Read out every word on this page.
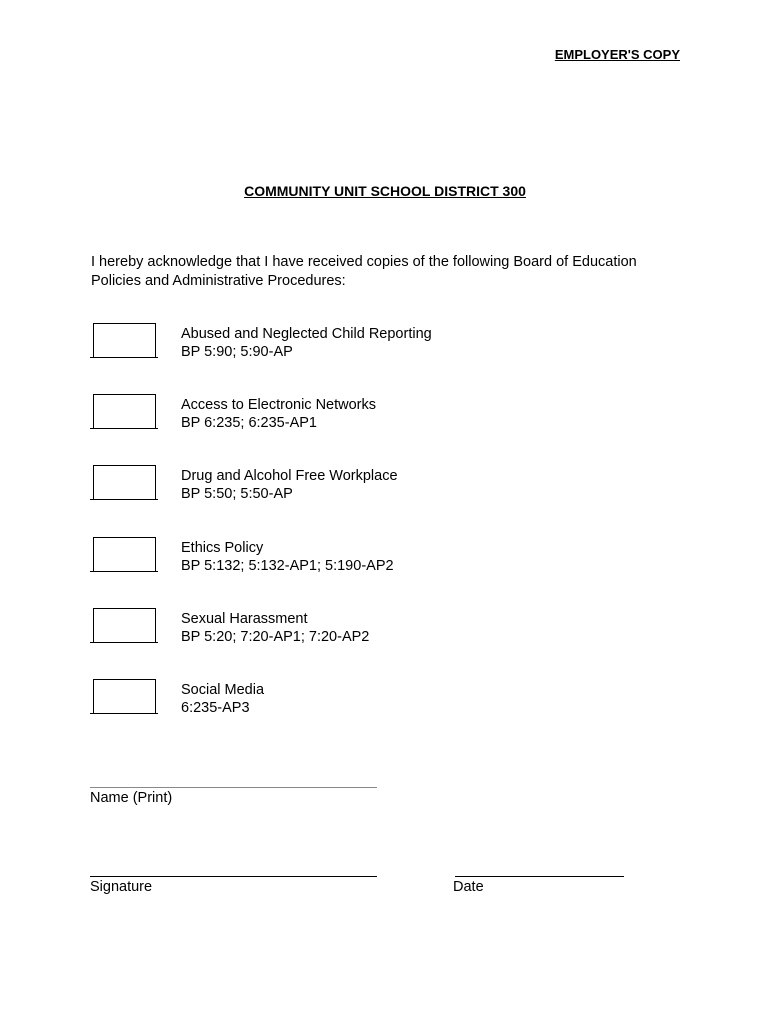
EMPLOYER'S COPY
COMMUNITY UNIT SCHOOL DISTRICT 300
I hereby acknowledge that I have received copies of the following Board of Education Policies and Administrative Procedures:
Abused and Neglected Child Reporting
BP 5:90; 5:90-AP
Access to Electronic Networks
BP 6:235; 6:235-AP1
Drug and Alcohol Free Workplace
BP 5:50; 5:50-AP
Ethics Policy
BP 5:132; 5:132-AP1; 5:190-AP2
Sexual Harassment
BP 5:20; 7:20-AP1; 7:20-AP2
Social Media
6:235-AP3
Name (Print)
Signature	Date
